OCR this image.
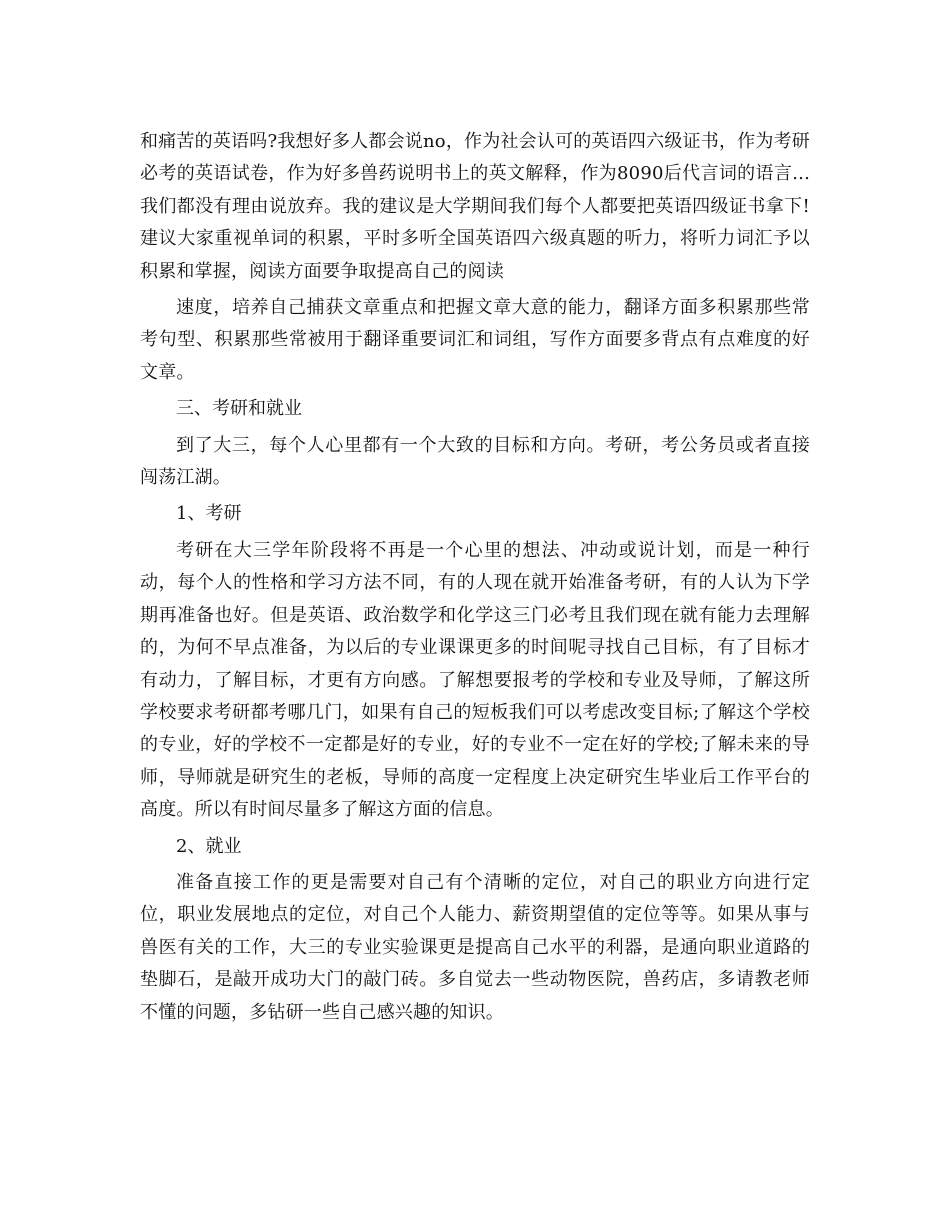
和痛苦的英语吗?我想好多人都会说no，作为社会认可的英语四六级证书，作为考研必考的英语试卷，作为好多兽药说明书上的英文解释，作为8090后代言词的语言...我们都没有理由说放弃。我的建议是大学期间我们每个人都要把英语四级证书拿下!建议大家重视单词的积累，平时多听全国英语四六级真题的听力，将听力词汇予以积累和掌握，阅读方面要争取提高自己的阅读

速度，培养自己捕获文章重点和把握文章大意的能力，翻译方面多积累那些常考句型、积累那些常被用于翻译重要词汇和词组，写作方面要多背点有点难度的好文章。

三、考研和就业

到了大三，每个人心里都有一个大致的目标和方向。考研，考公务员或者直接闯荡江湖。

1、考研

考研在大三学年阶段将不再是一个心里的想法、冲动或说计划，而是一种行动，每个人的性格和学习方法不同，有的人现在就开始准备考研，有的人认为下学期再准备也好。但是英语、政治数学和化学这三门必考且我们现在就有能力去理解的，为何不早点准备，为以后的专业课课更多的时间呢寻找自己目标，有了目标才有动力，了解目标，才更有方向感。了解想要报考的学校和专业及导师，了解这所学校要求考研都考哪几门，如果有自己的短板我们可以考虑改变目标;了解这个学校的专业，好的学校不一定都是好的专业，好的专业不一定在好的学校;了解未来的导师，导师就是研究生的老板，导师的高度一定程度上决定研究生毕业后工作平台的高度。所以有时间尽量多了解这方面的信息。

2、就业

准备直接工作的更是需要对自己有个清晰的定位，对自己的职业方向进行定位，职业发展地点的定位，对自己个人能力、薪资期望值的定位等等。如果从事与兽医有关的工作，大三的专业实验课更是提高自己水平的利器，是通向职业道路的垫脚石，是敲开成功大门的敲门砖。多自觉去一些动物医院，兽药店，多请教老师不懂的问题，多钻研一些自己感兴趣的知识。
